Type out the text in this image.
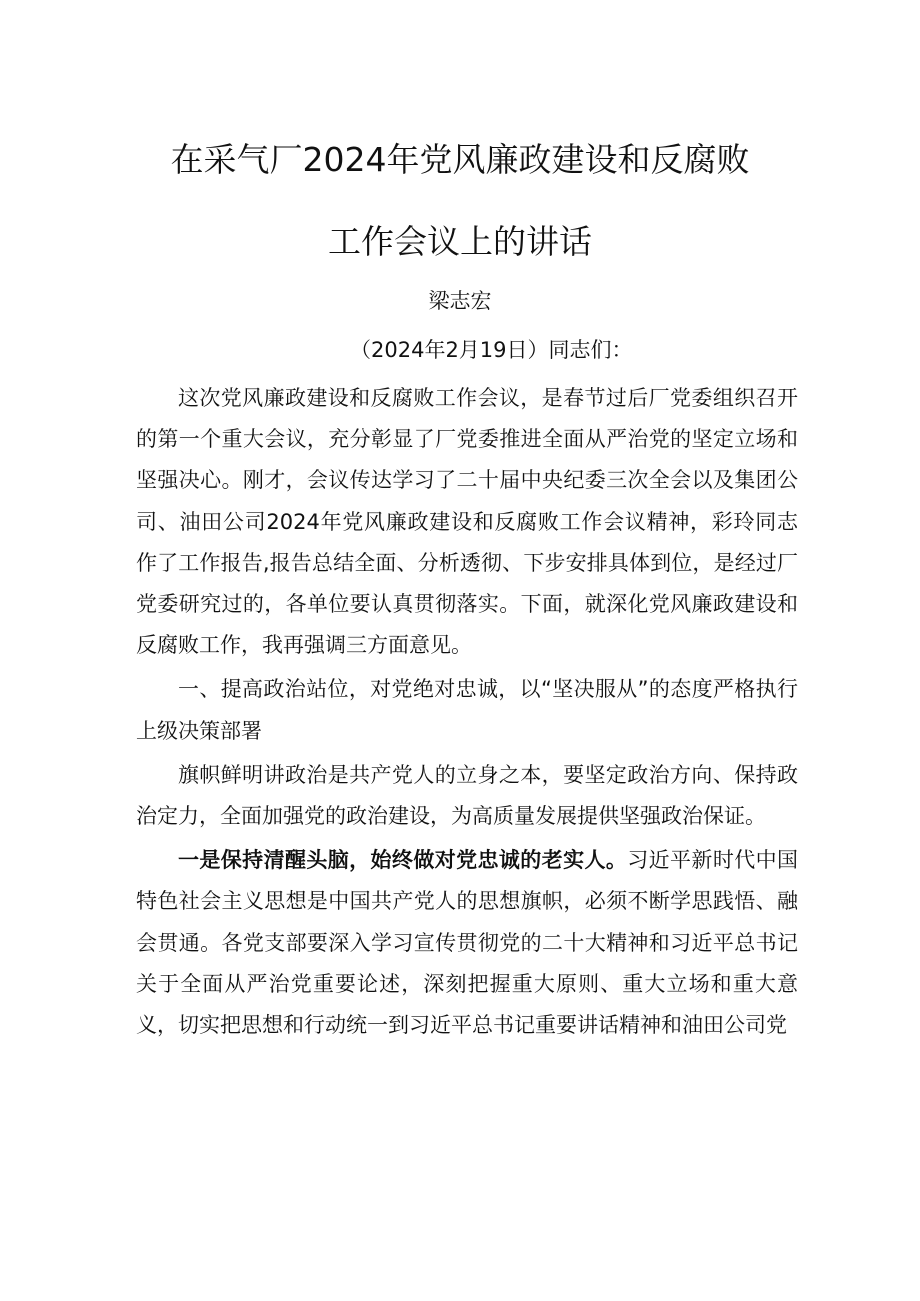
在采气厂2024年党风廉政建设和反腐败
工作会议上的讲话
梁志宏
（2024年2月19日）同志们：

这次党风廉政建设和反腐败工作会议，是春节过后厂党委组织召开的第一个重大会议，充分彰显了厂党委推进全面从严治党的坚定立场和坚强决心。刚才，会议传达学习了二十届中央纪委三次全会以及集团公司、油田公司2024年党风廉政建设和反腐败工作会议精神，彩玲同志作了工作报告,报告总结全面、分析透彻、下步安排具体到位，是经过厂党委研究过的，各单位要认真贯彻落实。下面，就深化党风廉政建设和反腐败工作，我再强调三方面意见。

一、提高政治站位，对党绝对忠诚，以“坚决服从”的态度严格执行上级决策部署

旗帜鲜明讲政治是共产党人的立身之本，要坚定政治方向、保持政治定力，全面加强党的政治建设，为高质量发展提供坚强政治保证。

一是保持清醒头脑，始终做对党忠诚的老实人。习近平新时代中国特色社会主义思想是中国共产党人的思想旗帜，必须不断学思践悟、融会贯通。各党支部要深入学习宣传贯彻党的二十大精神和习近平总书记关于全面从严治党重要论述，深刻把握重大原则、重大立场和重大意义，切实把思想和行动统一到习近平总书记重要讲话精神和油田公司党
